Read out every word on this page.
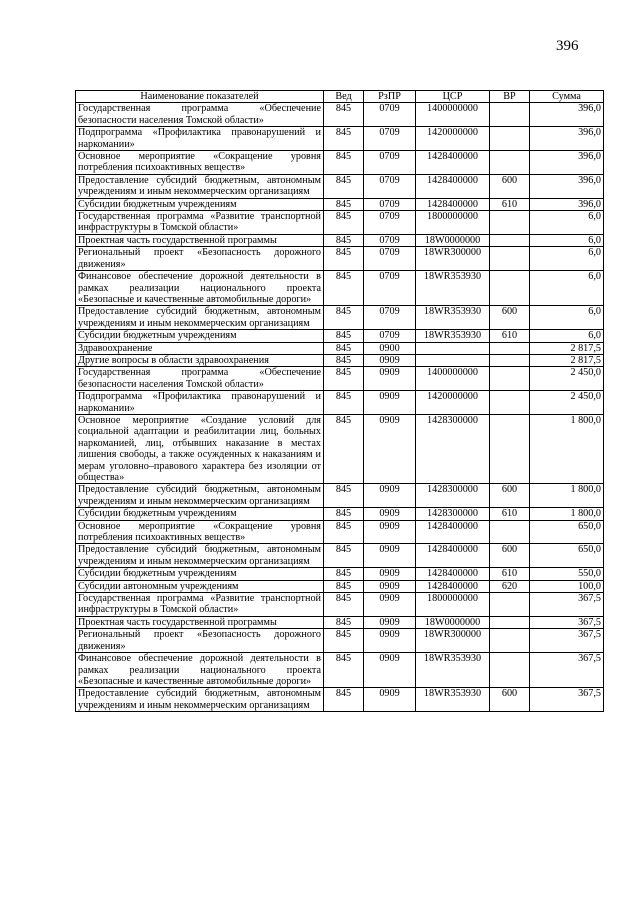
396
Наименование показателей	Вед	РзПР	ЦСР	ВР	Сумма
Государственная программа «Обеспечение безопасности населения Томской области»	845	0709	1400000000		396,0
Подпрограмма «Профилактика правонарушений и наркомании»	845	0709	1420000000		396,0
Основное мероприятие «Сокращение уровня потребления психоактивных веществ»	845	0709	1428400000		396,0
Предоставление субсидий бюджетным, автономным учреждениям и иным некоммерческим организациям	845	0709	1428400000	600	396,0
Субсидии бюджетным учреждениям	845	0709	1428400000	610	396,0
Государственная программа «Развитие транспортной инфраструктуры в Томской области»	845	0709	1800000000		6,0
Проектная часть государственной программы	845	0709	18W0000000		6,0
Региональный проект «Безопасность дорожного движения»	845	0709	18WR300000		6,0
Финансовое обеспечение дорожной деятельности в рамках реализации национального проекта «Безопасные и качественные автомобильные дороги»	845	0709	18WR353930		6,0
Предоставление субсидий бюджетным, автономным учреждениям и иным некоммерческим организациям	845	0709	18WR353930	600	6,0
Субсидии бюджетным учреждениям	845	0709	18WR353930	610	6,0
Здравоохранение	845	0900			2 817,5
Другие вопросы в области здравоохранения	845	0909			2 817,5
Государственная программа «Обеспечение безопасности населения Томской области»	845	0909	1400000000		2 450,0
Подпрограмма «Профилактика правонарушений и наркомании»	845	0909	1420000000		2 450,0
Основное мероприятие «Создание условий для социальной адаптации и реабилитации лиц, больных наркоманией, лиц, отбывших наказание в местах лишения свободы, а также осужденных к наказаниям и мерам уголовно–правового характера без изоляции от общества»	845	0909	1428300000		1 800,0
Предоставление субсидий бюджетным, автономным учреждениям и иным некоммерческим организациям	845	0909	1428300000	600	1 800,0
Субсидии бюджетным учреждениям	845	0909	1428300000	610	1 800,0
Основное мероприятие «Сокращение уровня потребления психоактивных веществ»	845	0909	1428400000		650,0
Предоставление субсидий бюджетным, автономным учреждениям и иным некоммерческим организациям	845	0909	1428400000	600	650,0
Субсидии бюджетным учреждениям	845	0909	1428400000	610	550,0
Субсидии автономным учреждениям	845	0909	1428400000	620	100,0
Государственная программа «Развитие транспортной инфраструктуры в Томской области»	845	0909	1800000000		367,5
Проектная часть государственной программы	845	0909	18W0000000		367,5
Региональный проект «Безопасность дорожного движения»	845	0909	18WR300000		367,5
Финансовое обеспечение дорожной деятельности в рамках реализации национального проекта «Безопасные и качественные автомобильные дороги»	845	0909	18WR353930		367,5
Предоставление субсидий бюджетным, автономным учреждениям и иным некоммерческим организациям	845	0909	18WR353930	600	367,5
